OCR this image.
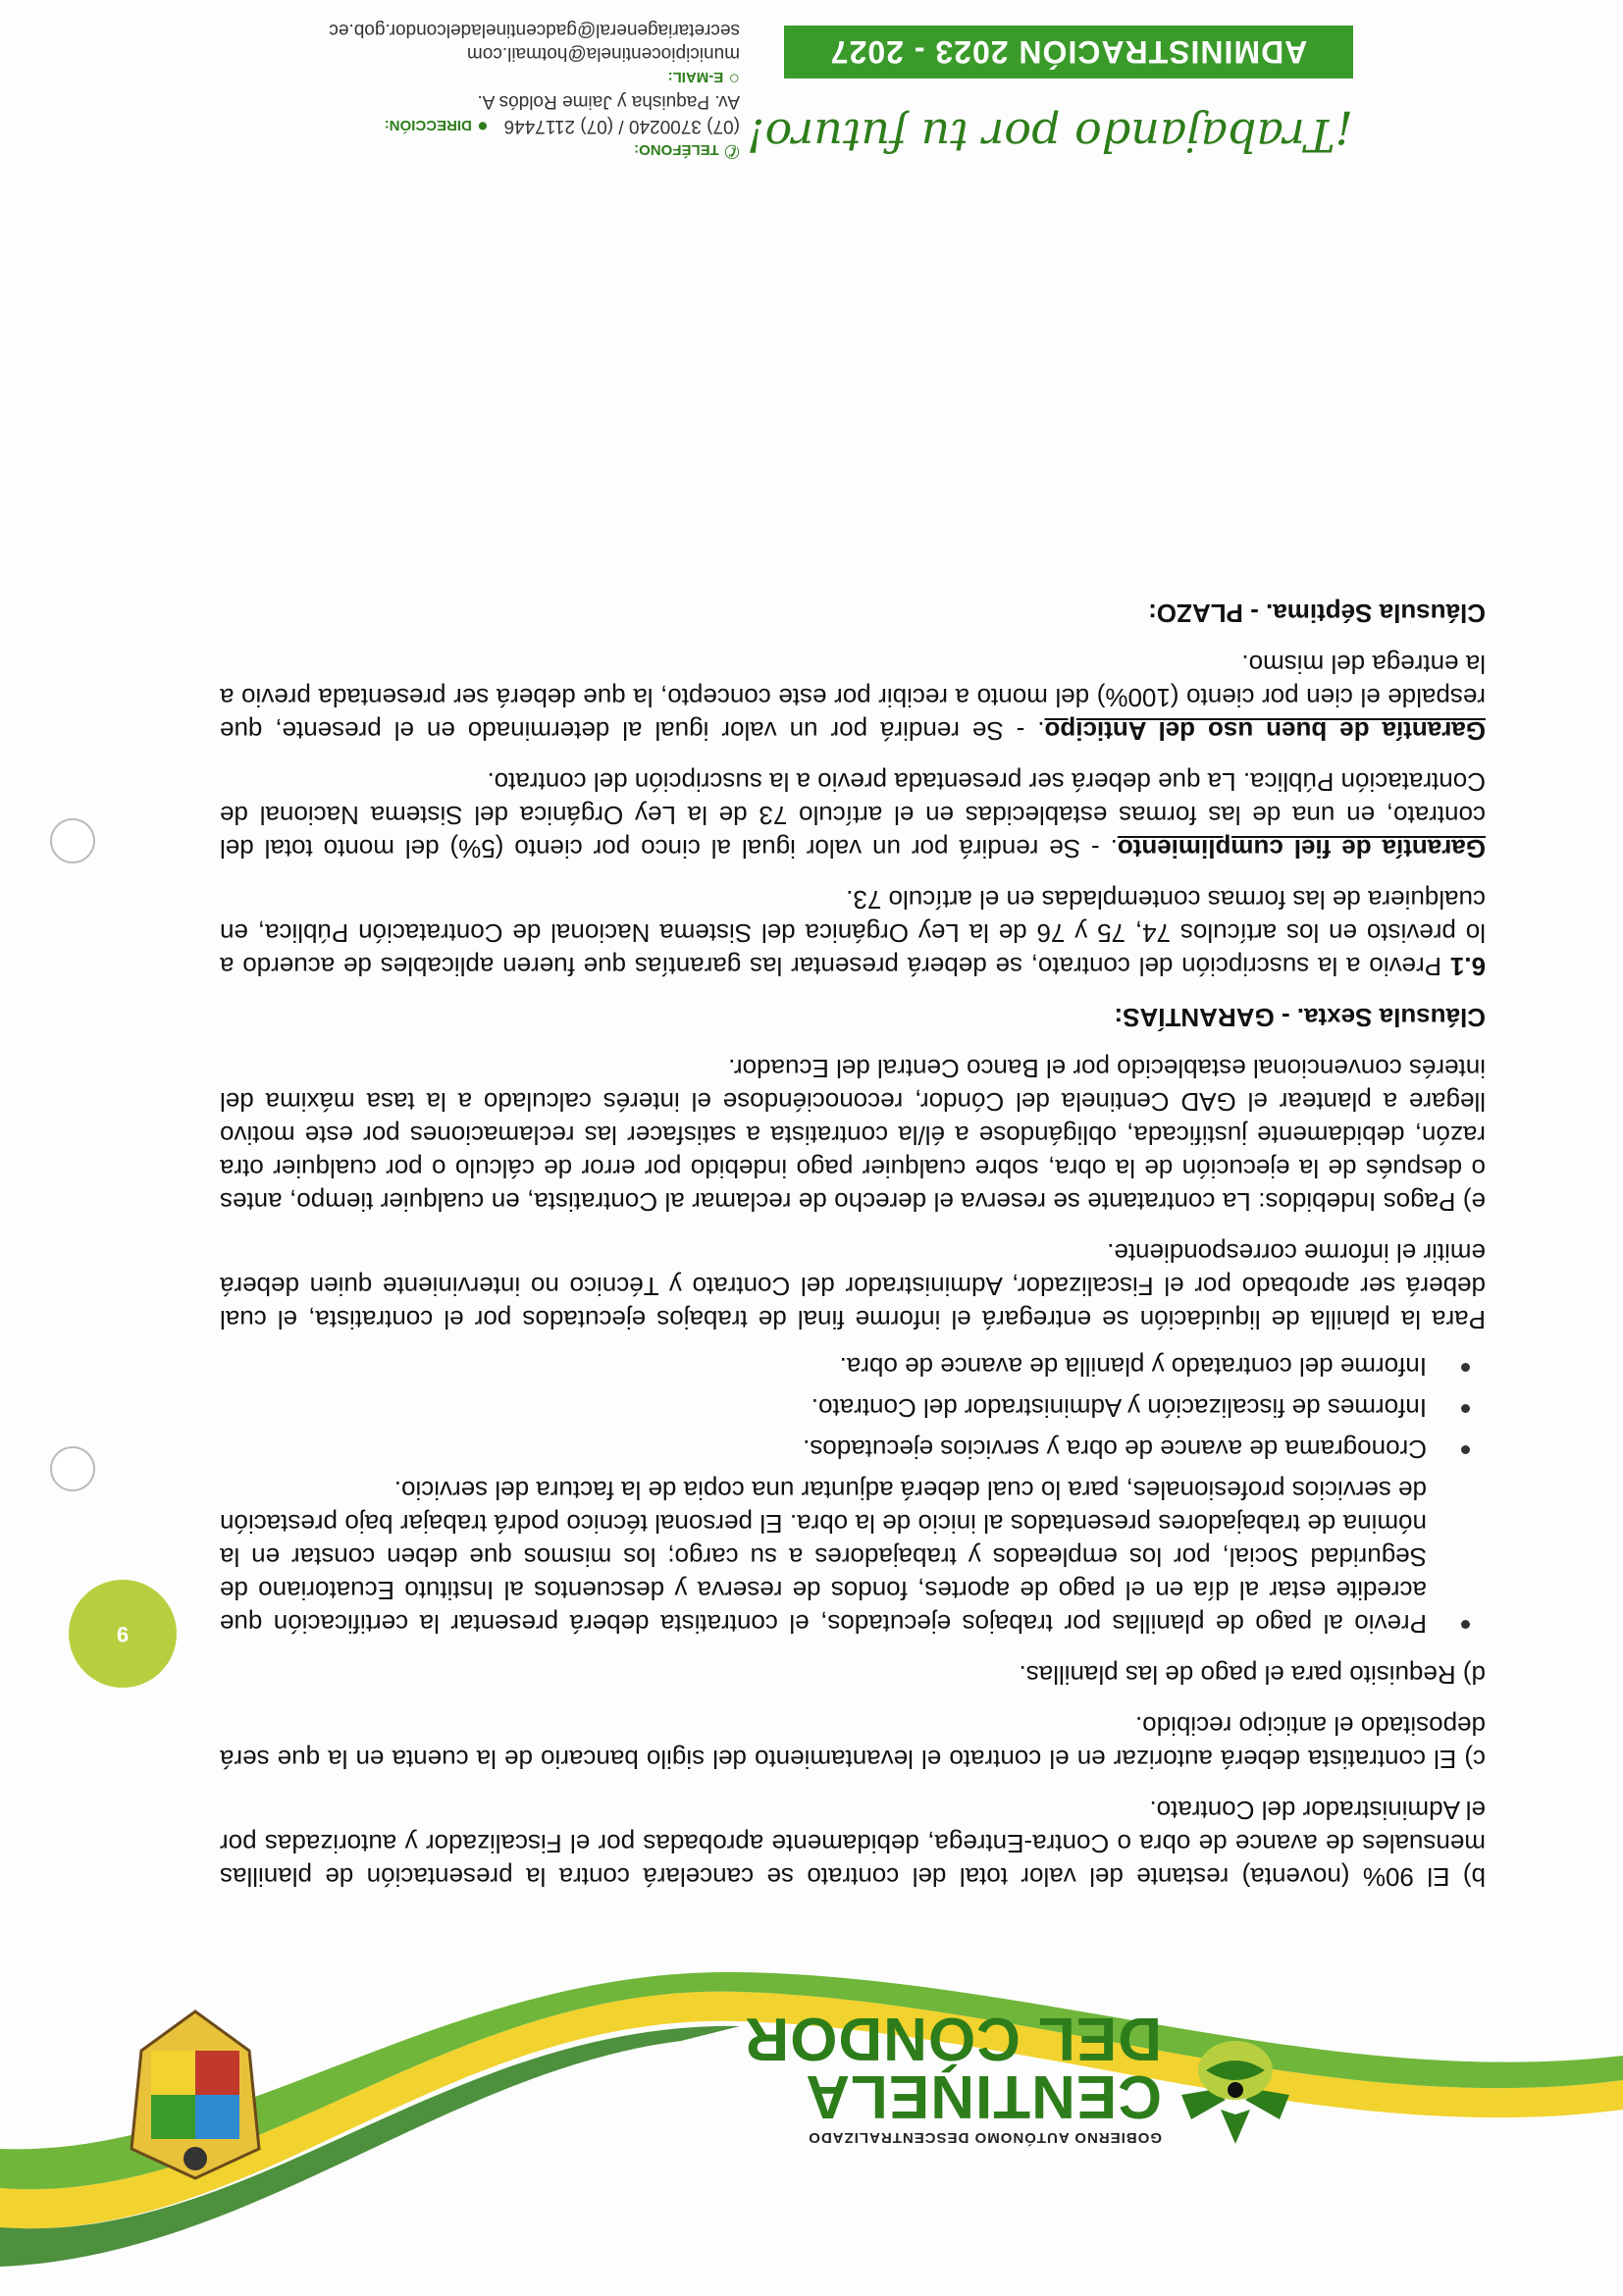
GOBIERNO AUTÓNOMO DESCENTRALIZADO
CENTINELA
DEL CÓNDOR
9

b) El 90% (noventa) restante del valor total del contrato se cancelará contra la presentación de planillas mensuales de avance de obra o Contra-Entrega, debidamente aprobadas por el Fiscalizador y autorizadas por el Administrador del Contrato.

c) El contratista deberá autorizar en el contrato el levantamiento del sigilo bancario de la cuenta en la que será depositado el anticipo recibido.

d) Requisito para el pago de las planillas.

Previo al pago de planillas por trabajos ejecutados, el contratista deberá presentar la certificación que acredite estar al día en el pago de aportes, fondos de reserva y descuentos al Instituto Ecuatoriano de Seguridad Social, por los empleados y trabajadores a su cargo; los mismos que deben constar en la nómina de trabajadores presentados al inicio de la obra. El personal técnico podrá trabajar bajo prestación de servicios profesionales, para lo cual deberá adjuntar una copia de la factura del servicio.
Cronograma de avance de obra y servicios ejecutados.
Informes de fiscalización y Administrador del Contrato.
Informe del contratado y planilla de avance de obra.

Para la planilla de liquidación se entregará el informe final de trabajos ejecutados por el contratista, el cual deberá ser aprobado por el Fiscalizador, Administrador del Contrato y Técnico no interviniente quien deberá emitir el informe correspondiente.

e) Pagos Indebidos: La contratante se reserva el derecho de reclamar al Contratista, en cualquier tiempo, antes o después de la ejecución de la obra, sobre cualquier pago indebido por error de cálculo o por cualquier otra razón, debidamente justificada, obligándose a él/la contratista a satisfacer las reclamaciones por este motivo llegare a plantear el GAD Centinela del Cóndor, reconociéndose el interés calculado a la tasa máxima del interés convencional establecido por el Banco Central del Ecuador.

Cláusula Sexta. - GARANTÍAS:

6.1 Previo a la suscripción del contrato, se deberá presentar las garantías que fueren aplicables de acuerdo a lo previsto en los artículos 74, 75 y 76 de la Ley Orgánica del Sistema Nacional de Contratación Pública, en cualquiera de las formas contempladas en el artículo 73.

Garantía de fiel cumplimiento. - Se rendirá por un valor igual al cinco por ciento (5%) del monto total del contrato, en una de las formas establecidas en el artículo 73 de la Ley Orgánica del Sistema Nacional de Contratación Pública. La que deberá ser presentada previo a la suscripción del contrato.

Garantía de buen uso del Anticipo. - Se rendirá por un valor igual al determinado en el presente, que respalde el cien por ciento (100%) del monto a recibir por este concepto, la que deberá ser presentada previo a la entrega del mismo.

Cláusula Séptima. - PLAZO:

¡Trabajando por tu futuro!
ADMINISTRACIÓN 2023 - 2027
✆ TELÉFONO:
(07) 3700240 / (07) 2117446   ● DIRECCIÓN:
Av. Paquisha y Jaime Roldós A.
○ E-MAIL:
municipiocentinela@hotmail.com
secretariageneral@gadcentineladelcondor.gob.ec
